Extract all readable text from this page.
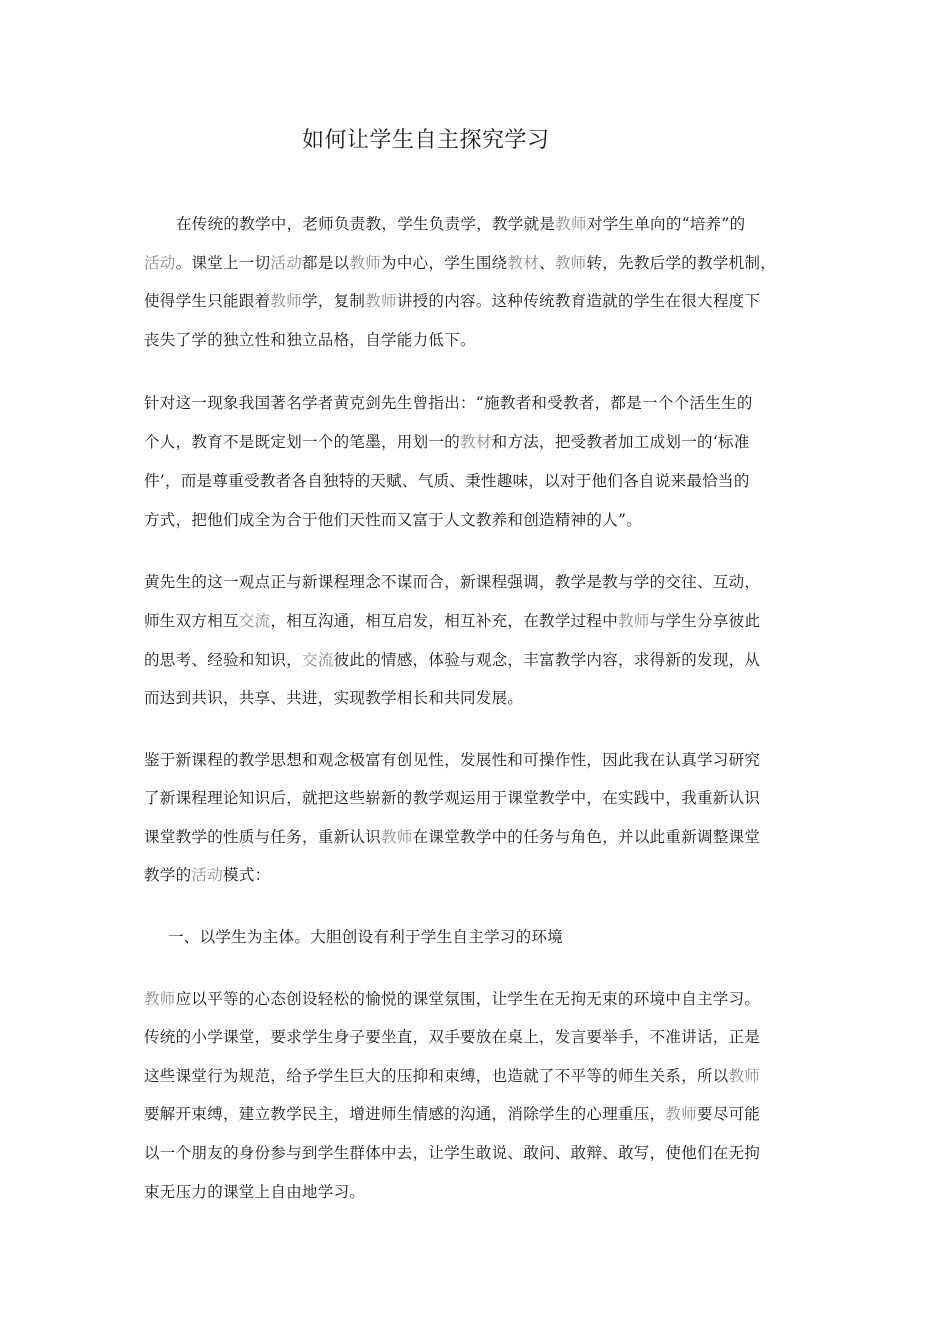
如何让学生自主探究学习
在传统的教学中，老师负责教，学生负责学，教学就是教师对学生单向的“培养”的
活动。课堂上一切活动都是以教师为中心，学生围绕教材、教师转，先教后学的教学机制，
使得学生只能跟着教师学，复制教师讲授的内容。这种传统教育造就的学生在很大程度下
丧失了学的独立性和独立品格，自学能力低下。
针对这一现象我国著名学者黄克剑先生曾指出：“施教者和受教者，都是一个个活生生的
个人，教育不是既定划一个的笔墨，用划一的教材和方法，把受教者加工成划一的‘标准
件’，而是尊重受教者各自独特的天赋、气质、秉性趣味，以对于他们各自说来最恰当的
方式，把他们成全为合于他们天性而又富于人文教养和创造精神的人”。
黄先生的这一观点正与新课程理念不谋而合，新课程强调，教学是教与学的交往、互动，
师生双方相互交流，相互沟通，相互启发，相互补充，在教学过程中教师与学生分享彼此
的思考、经验和知识，交流彼此的情感，体验与观念，丰富教学内容，求得新的发现，从
而达到共识，共享、共进，实现教学相长和共同发展。
鉴于新课程的教学思想和观念极富有创见性，发展性和可操作性，因此我在认真学习研究
了新课程理论知识后，就把这些崭新的教学观运用于课堂教学中，在实践中，我重新认识
课堂教学的性质与任务，重新认识教师在课堂教学中的任务与角色，并以此重新调整课堂
教学的活动模式：
一、以学生为主体。大胆创设有利于学生自主学习的环境
教师应以平等的心态创设轻松的愉悦的课堂氛围，让学生在无拘无束的环境中自主学习。
传统的小学课堂，要求学生身子要坐直，双手要放在桌上，发言要举手，不准讲话，正是
这些课堂行为规范，给予学生巨大的压抑和束缚，也造就了不平等的师生关系，所以教师
要解开束缚，建立教学民主，增进师生情感的沟通，消除学生的心理重压，教师要尽可能
以一个朋友的身份参与到学生群体中去，让学生敢说、敢问、敢辩、敢写，使他们在无拘
束无压力的课堂上自由地学习。
